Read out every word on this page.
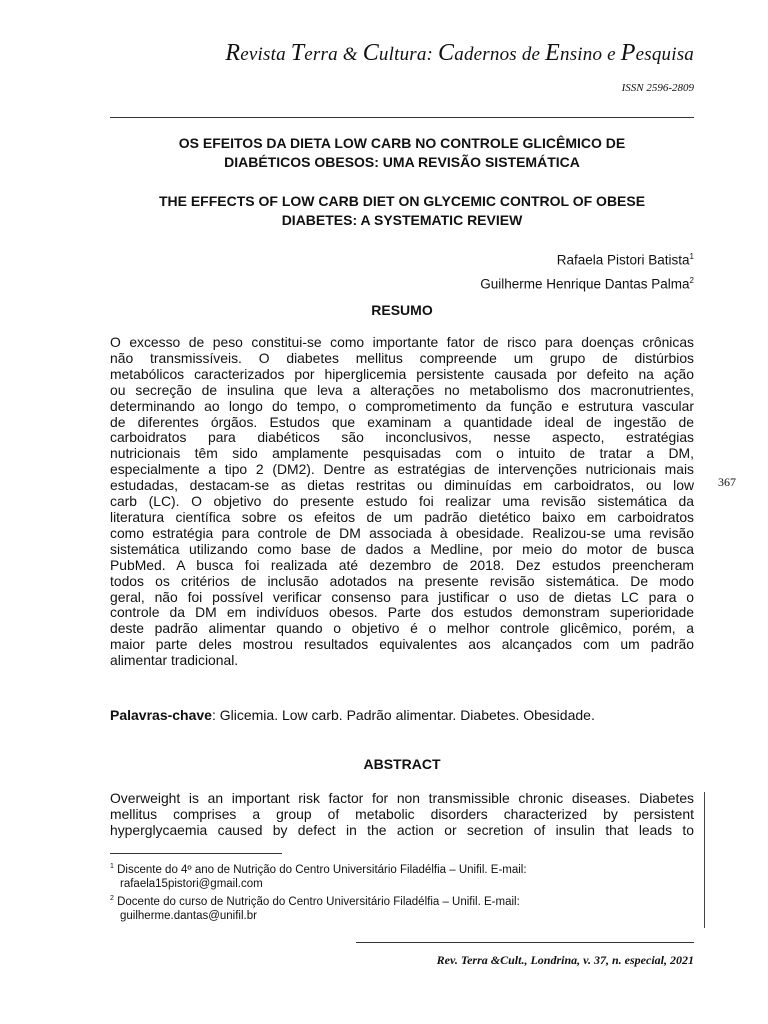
Revista Terra & Cultura: Cadernos de Ensino e Pesquisa
ISSN 2596-2809
OS EFEITOS DA DIETA LOW CARB NO CONTROLE GLICÊMICO DE
DIABÉTICOS OBESOS: UMA REVISÃO SISTEMÁTICA
THE EFFECTS OF LOW CARB DIET ON GLYCEMIC CONTROL OF OBESE
DIABETES: A SYSTEMATIC REVIEW
Rafaela Pistori Batista$^1$
Guilherme Henrique Dantas Palma$^2$
RESUMO
O excesso de peso constitui-se como importante fator de risco para doenças crônicas
não transmissíveis. O diabetes mellitus compreende um grupo de distúrbios
metabólicos caracterizados por hiperglicemia persistente causada por defeito na ação
ou secreção de insulina que leva a alterações no metabolismo dos macronutrientes,
determinando ao longo do tempo, o comprometimento da função e estrutura vascular
de diferentes órgãos. Estudos que examinam a quantidade ideal de ingestão de
carboidratos para diabéticos são inconclusivos, nesse aspecto, estratégias
nutricionais têm sido amplamente pesquisadas com o intuito de tratar a DM,
especialmente a tipo 2 (DM2). Dentre as estratégias de intervenções nutricionais mais
estudadas, destacam-se as dietas restritas ou diminuídas em carboidratos, ou low
carb (LC). O objetivo do presente estudo foi realizar uma revisão sistemática da
literatura científica sobre os efeitos de um padrão dietético baixo em carboidratos
como estratégia para controle de DM associada à obesidade. Realizou-se uma revisão
sistemática utilizando como base de dados a Medline, por meio do motor de busca
PubMed. A busca foi realizada até dezembro de 2018. Dez estudos preencheram
todos os critérios de inclusão adotados na presente revisão sistemática. De modo
geral, não foi possível verificar consenso para justificar o uso de dietas LC para o
controle da DM em indivíduos obesos. Parte dos estudos demonstram superioridade
deste padrão alimentar quando o objetivo é o melhor controle glicêmico, porém, a
maior parte deles mostrou resultados equivalentes aos alcançados com um padrão
alimentar tradicional.
Palavras-chave: Glicemia. Low carb. Padrão alimentar. Diabetes. Obesidade.
ABSTRACT
Overweight is an important risk factor for non transmissible chronic diseases. Diabetes
mellitus comprises a group of metabolic disorders characterized by persistent
hyperglycaemia caused by defect in the action or secretion of insulin that leads to
$^1$ Discente do 4º ano de Nutrição do Centro Universitário Filadélfia – Unifil. E-mail:
rafaela15pistori@gmail.com
$^2$ Docente do curso de Nutrição do Centro Universitário Filadélfia – Unifil. E-mail:
guilherme.dantas@unifil.br
367
Rev. Terra &Cult., Londrina, v. 37, n. especial, 2021
